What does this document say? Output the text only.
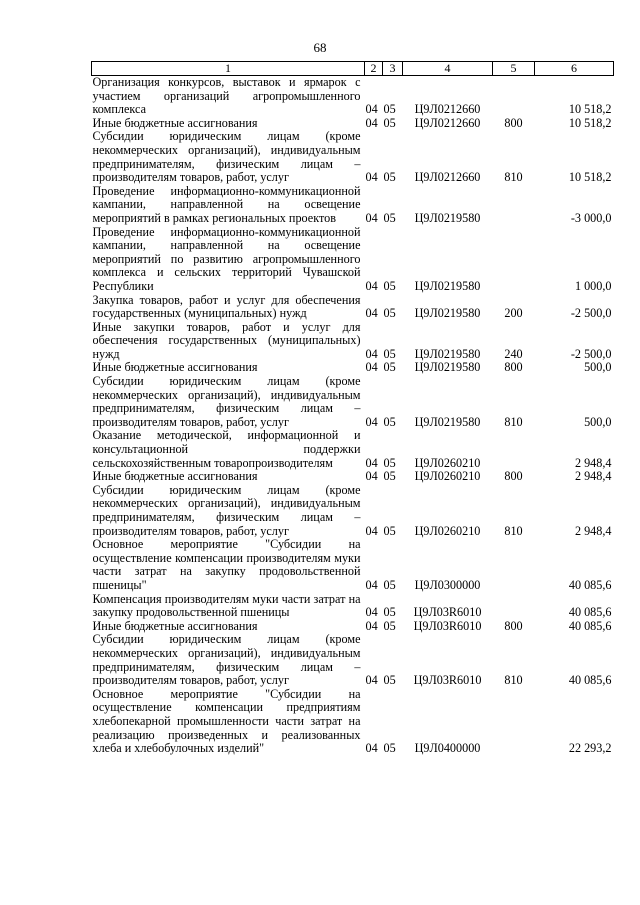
68
1	2	3	4	5	6
Организация конкурсов, выставок и ярмарок с участием организаций агропромышленного комплекса	04	05	Ц9Л0212660		10 518,2
Иные бюджетные ассигнования	04	05	Ц9Л0212660	800	10 518,2
Субсидии юридическим лицам (кроме некоммерческих организаций), индивидуальным предпринимателям, физическим лицам – производителям товаров, работ, услуг	04	05	Ц9Л0212660	810	10 518,2
Проведение информационно-коммуникационной кампании, направленной на освещение мероприятий в рамках региональных проектов	04	05	Ц9Л0219580		-3 000,0
Проведение информационно-коммуникационной кампании, направленной на освещение мероприятий по развитию агропромышленного комплекса и сельских территорий Чувашской Республики	04	05	Ц9Л0219580		1 000,0
Закупка товаров, работ и услуг для обеспечения государственных (муниципальных) нужд	04	05	Ц9Л0219580	200	-2 500,0
Иные закупки товаров, работ и услуг для обеспечения государственных (муниципальных) нужд	04	05	Ц9Л0219580	240	-2 500,0
Иные бюджетные ассигнования	04	05	Ц9Л0219580	800	500,0
Субсидии юридическим лицам (кроме некоммерческих организаций), индивидуальным предпринимателям, физическим лицам – производителям товаров, работ, услуг	04	05	Ц9Л0219580	810	500,0
Оказание методической, информационной и консультационной поддержки сельскохозяйственным товаропроизводителям	04	05	Ц9Л0260210		2 948,4
Иные бюджетные ассигнования	04	05	Ц9Л0260210	800	2 948,4
Субсидии юридическим лицам (кроме некоммерческих организаций), индивидуальным предпринимателям, физическим лицам – производителям товаров, работ, услуг	04	05	Ц9Л0260210	810	2 948,4
Основное мероприятие "Субсидии на осуществление компенсации производителям муки части затрат на закупку продовольственной пшеницы"	04	05	Ц9Л0300000		40 085,6
Компенсация производителям муки части затрат на закупку продовольственной пшеницы	04	05	Ц9Л03R6010		40 085,6
Иные бюджетные ассигнования	04	05	Ц9Л03R6010	800	40 085,6
Субсидии юридическим лицам (кроме некоммерческих организаций), индивидуальным предпринимателям, физическим лицам – производителям товаров, работ, услуг	04	05	Ц9Л03R6010	810	40 085,6
Основное мероприятие "Субсидии на осуществление компенсации предприятиям хлебопекарной промышленности части затрат на реализацию произведенных и реализованных хлеба и хлебобулочных изделий"	04	05	Ц9Л0400000		22 293,2
